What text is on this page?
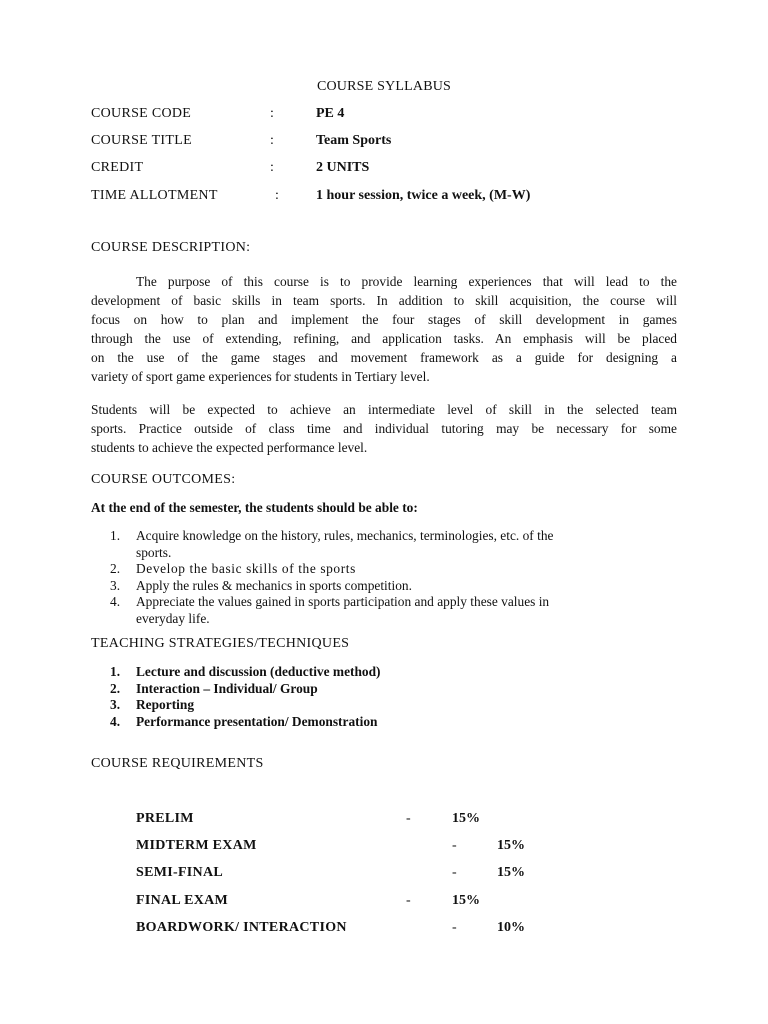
COURSE SYLLABUS
COURSE CODE	:	PE 4
COURSE TITLE	:	Team Sports
CREDIT	:	2 UNITS
TIME ALLOTMENT	:	1 hour session, twice a week, (M-W)
COURSE DESCRIPTION:
The purpose of this course is to provide learning experiences that will lead to the
development of basic skills in team sports. In addition to skill acquisition, the course will
focus on how to plan and implement the four stages of skill development in games
through the use of extending, refining, and application tasks. An emphasis will be placed
on the use of the game stages and movement framework as a guide for designing a
variety of sport game experiences for students in Tertiary level.
Students will be expected to achieve an intermediate level of skill in the selected team
sports. Practice outside of class time and individual tutoring may be necessary for some
students to achieve the expected performance level.
COURSE OUTCOMES:
At the end of the semester, the students should be able to:
1. Acquire knowledge on the history, rules, mechanics, terminologies, etc. of the
sports.
2. Develop the basic skills of the sports
3. Apply the rules & mechanics in sports competition.
4. Appreciate the values gained in sports participation and apply these values in
everyday life.
TEACHING STRATEGIES/TECHNIQUES
1. Lecture and discussion (deductive method)
2. Interaction – Individual/ Group
3. Reporting
4. Performance presentation/ Demonstration
COURSE REQUIREMENTS
PRELIM	-	15%
MIDTERM EXAM	-	15%
SEMI-FINAL	-	15%
FINAL EXAM	-	15%
BOARDWORK/ INTERACTION	-	10%
